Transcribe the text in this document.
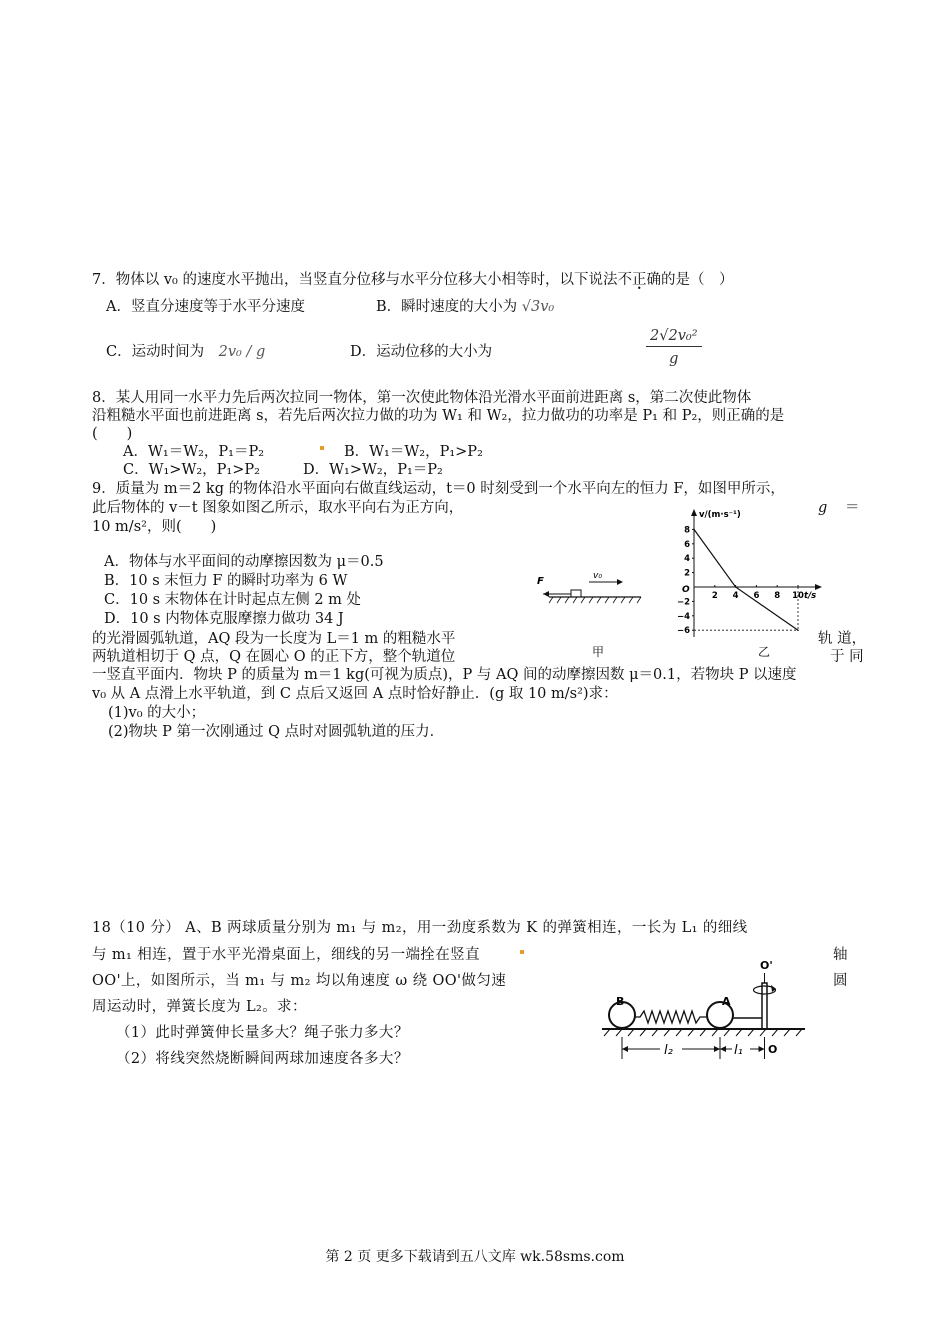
7．物体以 v₀ 的速度水平抛出，当竖直分位移与水平分位移大小相等时，以下说法不正确的是（　）
A．竖直分速度等于水平分速度	B．瞬时速度的大小为 √3v₀
C．运动时间为　 2v₀ / g	D．运动位移的大小为	$\frac{\text{2√2v₀²}}{g}$
8．某人用同一水平力先后两次拉同一物体，第一次使此物体沿光滑水平面前进距离 s，第二次使此物体
沿粗糙水平面也前进距离 s，若先后两次拉力做的功为 W₁ 和 W₂，拉力做功的功率是 P₁ 和 P₂，则正确的是
(　　)
A．W₁＝W₂，P₁＝P₂	B．W₁＝W₂，P₁>P₂
C．W₁>W₂，P₁>P₂	D．W₁>W₂，P₁＝P₂
9．质量为 m＝2 kg 的物体沿水平面向右做直线运动，t＝0 时刻受到一个水平向左的恒力 F，如图甲所示，
此后物体的 v－t 图象如图乙所示，取水平向右为正方向，	g ＝
10 m/s²，则(　　)
A．物体与水平面间的动摩擦因数为 μ＝0.5
B．10 s 末恒力 F 的瞬时功率为 6 W
C．10 s 末物体在计时起点左侧 2 m 处
D．10 s 内物体克服摩擦力做功 34 J
F	v₀
甲
v/(m·s⁻¹)
t/s
O
8
6
4
2
−2
−4
−6
2 4 6 8 10
乙
的光滑圆弧轨道，AQ 段为一长度为 L＝1 m 的粗糙水平	轨 道，
两轨道相切于 Q 点，Q 在圆心 O 的正下方，整个轨道位	于 同
一竖直平面内．物块 P 的质量为 m＝1 kg(可视为质点)，P 与 AQ 间的动摩擦因数 μ＝0.1，若物块 P 以速度
v₀ 从 A 点滑上水平轨道，到 C 点后又返回 A 点时恰好静止．(g 取 10 m/s²)求：
(1)v₀ 的大小；
(2)物块 P 第一次刚通过 Q 点时对圆弧轨道的压力．
18（10 分） A、B 两球质量分别为 m₁ 与 m₂，用一劲度系数为 K 的弹簧相连，一长为 L₁ 的细线
与 m₁ 相连，置于水平光滑桌面上，细线的另一端拴在竖直	轴
OO'上，如图所示，当 m₁ 与 m₂ 均以角速度 ω 绕 OO'做匀速	圆
周运动时，弹簧长度为 L₂。求：
（1）此时弹簧伸长量多大？绳子张力多大？
（2）将线突然烧断瞬间两球加速度各多大？
B	A
O'
l₂	l₁ O
第 2 页 更多下载请到五八文库 wk.58sms.com
